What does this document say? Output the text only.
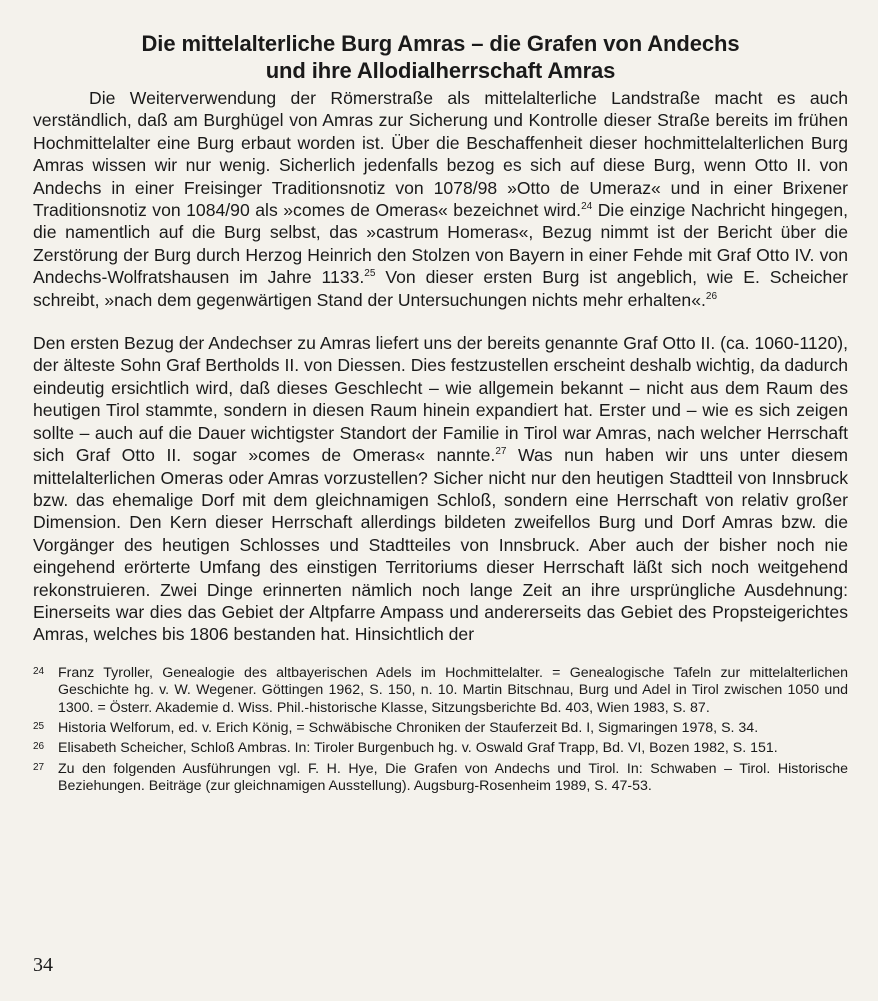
Die mittelalterliche Burg Amras – die Grafen von Andechs
und ihre Allodialherrschaft Amras

Die Weiterverwendung der Römerstraße als mittelalterliche Landstraße macht es auch verständlich, daß am Burghügel von Amras zur Sicherung und Kontrolle dieser Straße bereits im frühen Hochmittelalter eine Burg erbaut worden ist. Über die Beschaffenheit dieser hochmittelalterlichen Burg Amras wissen wir nur wenig. Sicherlich jedenfalls bezog es sich auf diese Burg, wenn Otto II. von Andechs in einer Freisinger Traditionsnotiz von 1078/98 »Otto de Umeraz« und in einer Brixener Traditionsnotiz von 1084/90 als »comes de Omeras« bezeichnet wird.$^{24}$ Die einzige Nachricht hingegen, die namentlich auf die Burg selbst, das »castrum Homeras«, Bezug nimmt ist der Bericht über die Zerstörung der Burg durch Herzog Heinrich den Stolzen von Bayern in einer Fehde mit Graf Otto IV. von Andechs-Wolfratshausen im Jahre 1133.25 Von dieser ersten Burg ist angeblich, wie E. Scheicher schreibt, »nach dem gegenwärtigen Stand der Untersuchungen nichts mehr erhalten«.$^{26}$

Den ersten Bezug der Andechser zu Amras liefert uns der bereits genannte Graf Otto II. (ca. 1060-1120), der älteste Sohn Graf Bertholds II. von Diessen. Dies festzustellen erscheint deshalb wichtig, da dadurch eindeutig ersichtlich wird, daß dieses Geschlecht – wie allgemein bekannt – nicht aus dem Raum des heutigen Tirol stammte, sondern in diesen Raum hinein expandiert hat. Erster und – wie es sich zeigen sollte – auch auf die Dauer wichtigster Standort der Familie in Tirol war Amras, nach welcher Herrschaft sich Graf Otto II. sogar »comes de Omeras« nannte.$^{27}$ Was nun haben wir uns unter diesem mittelalterlichen Omeras oder Amras vorzustellen? Sicher nicht nur den heutigen Stadtteil von Innsbruck bzw. das ehemalige Dorf mit dem gleichnamigen Schloß, sondern eine Herrschaft von relativ großer Dimension. Den Kern dieser Herrschaft allerdings bildeten zweifellos Burg und Dorf Amras bzw. die Vorgänger des heutigen Schlosses und Stadtteiles von Innsbruck. Aber auch der bisher noch nie eingehend erörterte Umfang des einstigen Territoriums dieser Herrschaft läßt sich noch weitgehend rekonstruieren. Zwei Dinge erinnerten nämlich noch lange Zeit an ihre ursprüngliche Ausdehnung: Einerseits war dies das Gebiet der Altpfarre Ampass und andererseits das Gebiet des Propsteigerichtes Amras, welches bis 1806 bestanden hat. Hinsichtlich der

24 Franz Tyroller, Genealogie des altbayerischen Adels im Hochmittelalter. = Genealogische Tafeln zur mittelalterlichen Geschichte hg. v. W. Wegener. Göttingen 1962, S. 150, n. 10. Martin Bitschnau, Burg und Adel in Tirol zwischen 1050 und 1300. = Österr. Akademie d. Wiss. Phil.-historische Klasse, Sitzungsberichte Bd. 403, Wien 1983, S. 87.
25 Historia Welforum, ed. v. Erich König, = Schwäbische Chroniken der Stauferzeit Bd. I, Sigmaringen 1978, S. 34.
26 Elisabeth Scheicher, Schloß Ambras. In: Tiroler Burgenbuch hg. v. Oswald Graf Trapp, Bd. VI, Bozen 1982, S. 151.
27 Zu den folgenden Ausführungen vgl. F. H. Hye, Die Grafen von Andechs und Tirol. In: Schwaben – Tirol. Historische Beziehungen. Beiträge (zur gleichnamigen Ausstellung). Augsburg-Rosenheim 1989, S. 47-53.
34
